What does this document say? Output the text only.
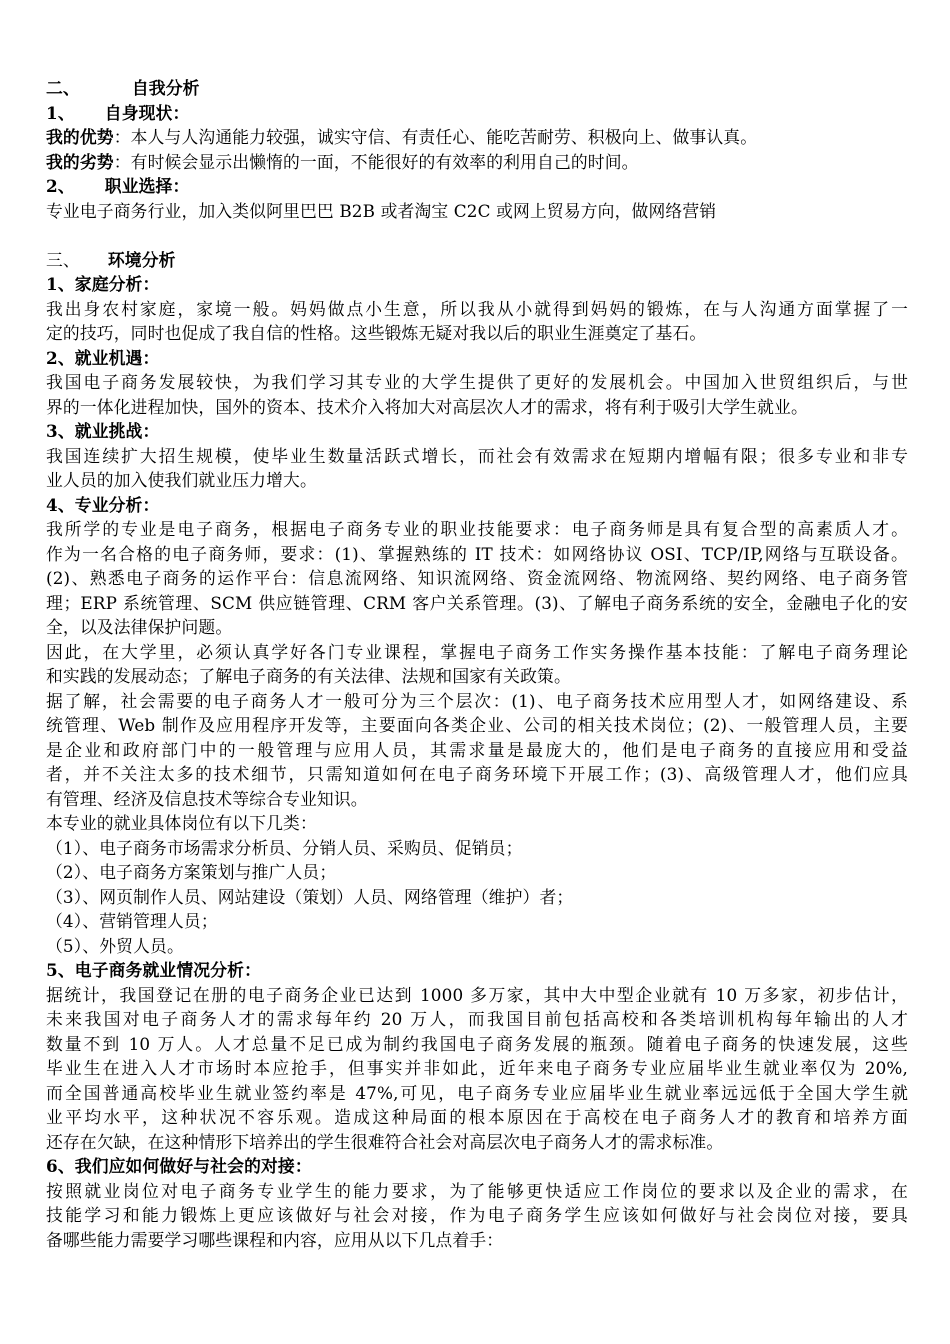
二、	自我分析
1、 自身现状：
我的优势：本人与人沟通能力较强，诚实守信、有责任心、能吃苦耐劳、积极向上、做事认真。
我的劣势：有时候会显示出懒惰的一面，不能很好的有效率的利用自己的时间。
2、 职业选择：
专业电子商务行业，加入类似阿里巴巴 B2B 或者淘宝 C2C 或网上贸易方向，做网络营销
三、 环境分析
1、家庭分析：
我出身农村家庭，家境一般。妈妈做点小生意，所以我从小就得到妈妈的锻炼，在与人沟通方面掌握了一
定的技巧，同时也促成了我自信的性格。这些锻炼无疑对我以后的职业生涯奠定了基石。
2、就业机遇：
我国电子商务发展较快，为我们学习其专业的大学生提供了更好的发展机会。中国加入世贸组织后，与世
界的一体化进程加快，国外的资本、技术介入将加大对高层次人才的需求，将有利于吸引大学生就业。
3、就业挑战：
我国连续扩大招生规模，使毕业生数量活跃式增长，而社会有效需求在短期内增幅有限；很多专业和非专
业人员的加入使我们就业压力增大。
4、专业分析：
我所学的专业是电子商务，根据电子商务专业的职业技能要求：电子商务师是具有复合型的高素质人才。
作为一名合格的电子商务师，要求：(1)、掌握熟练的 IT 技术：如网络协议 OSI、TCP/IP,网络与互联设备。
(2)、熟悉电子商务的运作平台：信息流网络、知识流网络、资金流网络、物流网络、契约网络、电子商务管
理；ERP 系统管理、SCM 供应链管理、CRM 客户关系管理。(3)、了解电子商务系统的安全，金融电子化的安
全，以及法律保护问题。
因此，在大学里，必须认真学好各门专业课程，掌握电子商务工作实务操作基本技能：了解电子商务理论
和实践的发展动态；了解电子商务的有关法律、法规和国家有关政策。
据了解，社会需要的电子商务人才一般可分为三个层次：(1)、电子商务技术应用型人才，如网络建设、系
统管理、Web 制作及应用程序开发等，主要面向各类企业、公司的相关技术岗位；(2)、一般管理人员，主要
是企业和政府部门中的一般管理与应用人员，其需求量是最庞大的，他们是电子商务的直接应用和受益
者，并不关注太多的技术细节，只需知道如何在电子商务环境下开展工作；(3)、高级管理人才，他们应具
有管理、经济及信息技术等综合专业知识。
本专业的就业具体岗位有以下几类：
（1）、电子商务市场需求分析员、分销人员、采购员、促销员；
（2）、电子商务方案策划与推广人员；
（3）、网页制作人员、网站建设（策划）人员、网络管理（维护）者；
（4）、营销管理人员；
（5）、外贸人员。
5、电子商务就业情况分析：
据统计，我国登记在册的电子商务企业已达到 1000 多万家，其中大中型企业就有 10 万多家，初步估计，
未来我国对电子商务人才的需求每年约 20 万人，而我国目前包括高校和各类培训机构每年输出的人才
数量不到 10 万人。人才总量不足已成为制约我国电子商务发展的瓶颈。随着电子商务的快速发展，这些
毕业生在进入人才市场时本应抢手，但事实并非如此，近年来电子商务专业应届毕业生就业率仅为 20%,
而全国普通高校毕业生就业签约率是 47%,可见，电子商务专业应届毕业生就业率远远低于全国大学生就
业平均水平，这种状况不容乐观。造成这种局面的根本原因在于高校在电子商务人才的教育和培养方面
还存在欠缺，在这种情形下培养出的学生很难符合社会对高层次电子商务人才的需求标准。
6、我们应如何做好与社会的对接：
按照就业岗位对电子商务专业学生的能力要求，为了能够更快适应工作岗位的要求以及企业的需求，在
技能学习和能力锻炼上更应该做好与社会对接，作为电子商务学生应该如何做好与社会岗位对接，要具
备哪些能力需要学习哪些课程和内容，应用从以下几点着手：
